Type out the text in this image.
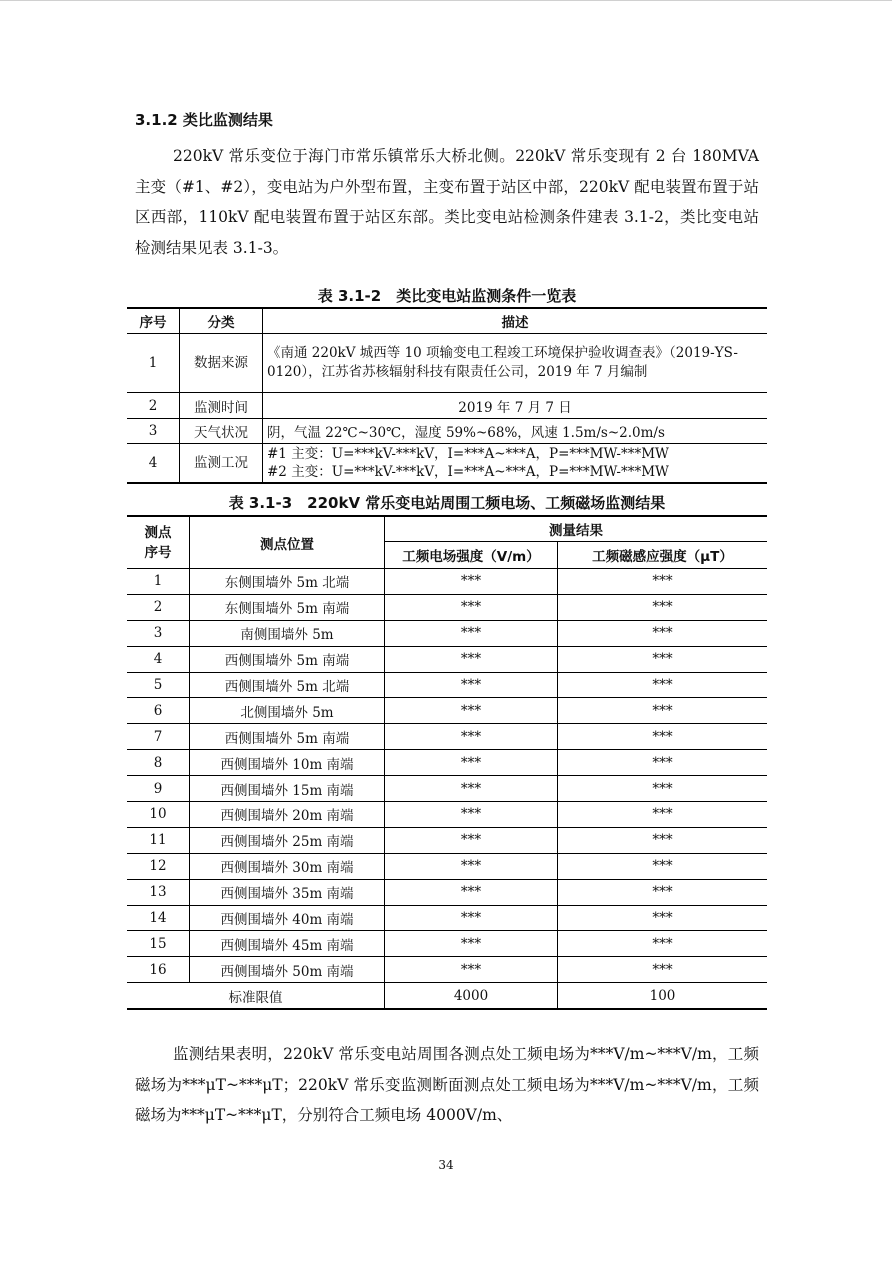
3.1.2 类比监测结果

220kV 常乐变位于海门市常乐镇常乐大桥北侧。220kV 常乐变现有 2 台 180MVA 主变（#1、#2），变电站为户外型布置，主变布置于站区中部，220kV 配电装置布置于站区西部，110kV 配电装置布置于站区东部。类比变电站检测条件建表 3.1-2，类比变电站检测结果见表 3.1-3。

表 3.1-2　类比变电站监测条件一览表
序号	分类	描述
1	数据来源	《南通 220kV 城西等 10 项输变电工程竣工环境保护验收调查表》（2019-YS-0120），江苏省苏核辐射科技有限责任公司，2019 年 7 月编制
2	监测时间	2019 年 7 月 7 日
3	天气状况	阴，气温 22℃~30℃，湿度 59%~68%，风速 1.5m/s~2.0m/s
4	监测工况	#1 主变：U=***kV-***kV，I=***A~***A，P=***MW-***MW
#2 主变：U=***kV-***kV，I=***A~***A，P=***MW-***MW
表 3.1-3　220kV 常乐变电站周围工频电场、工频磁场监测结果
测点
序号	测点位置	测量结果	
		工频电场强度（V/m）	工频磁感应强度（μT）
1	东侧围墙外 5m 北端	***	***
2	东侧围墙外 5m 南端	***	***
3	南侧围墙外 5m	***	***
4	西侧围墙外 5m 南端	***	***
5	西侧围墙外 5m 北端	***	***
6	北侧围墙外 5m	***	***
7	西侧围墙外 5m 南端	***	***
8	西侧围墙外 10m 南端	***	***
9	西侧围墙外 15m 南端	***	***
10	西侧围墙外 20m 南端	***	***
11	西侧围墙外 25m 南端	***	***
12	西侧围墙外 30m 南端	***	***
13	西侧围墙外 35m 南端	***	***
14	西侧围墙外 40m 南端	***	***
15	西侧围墙外 45m 南端	***	***
16	西侧围墙外 50m 南端	***	***
标准限值		4000	100

监测结果表明，220kV 常乐变电站周围各测点处工频电场为***V/m~***V/m，工频磁场为***μT~***μT；220kV 常乐变监测断面测点处工频电场为***V/m~***V/m，工频磁场为***μT~***μT，分别符合工频电场 4000V/m、

34
